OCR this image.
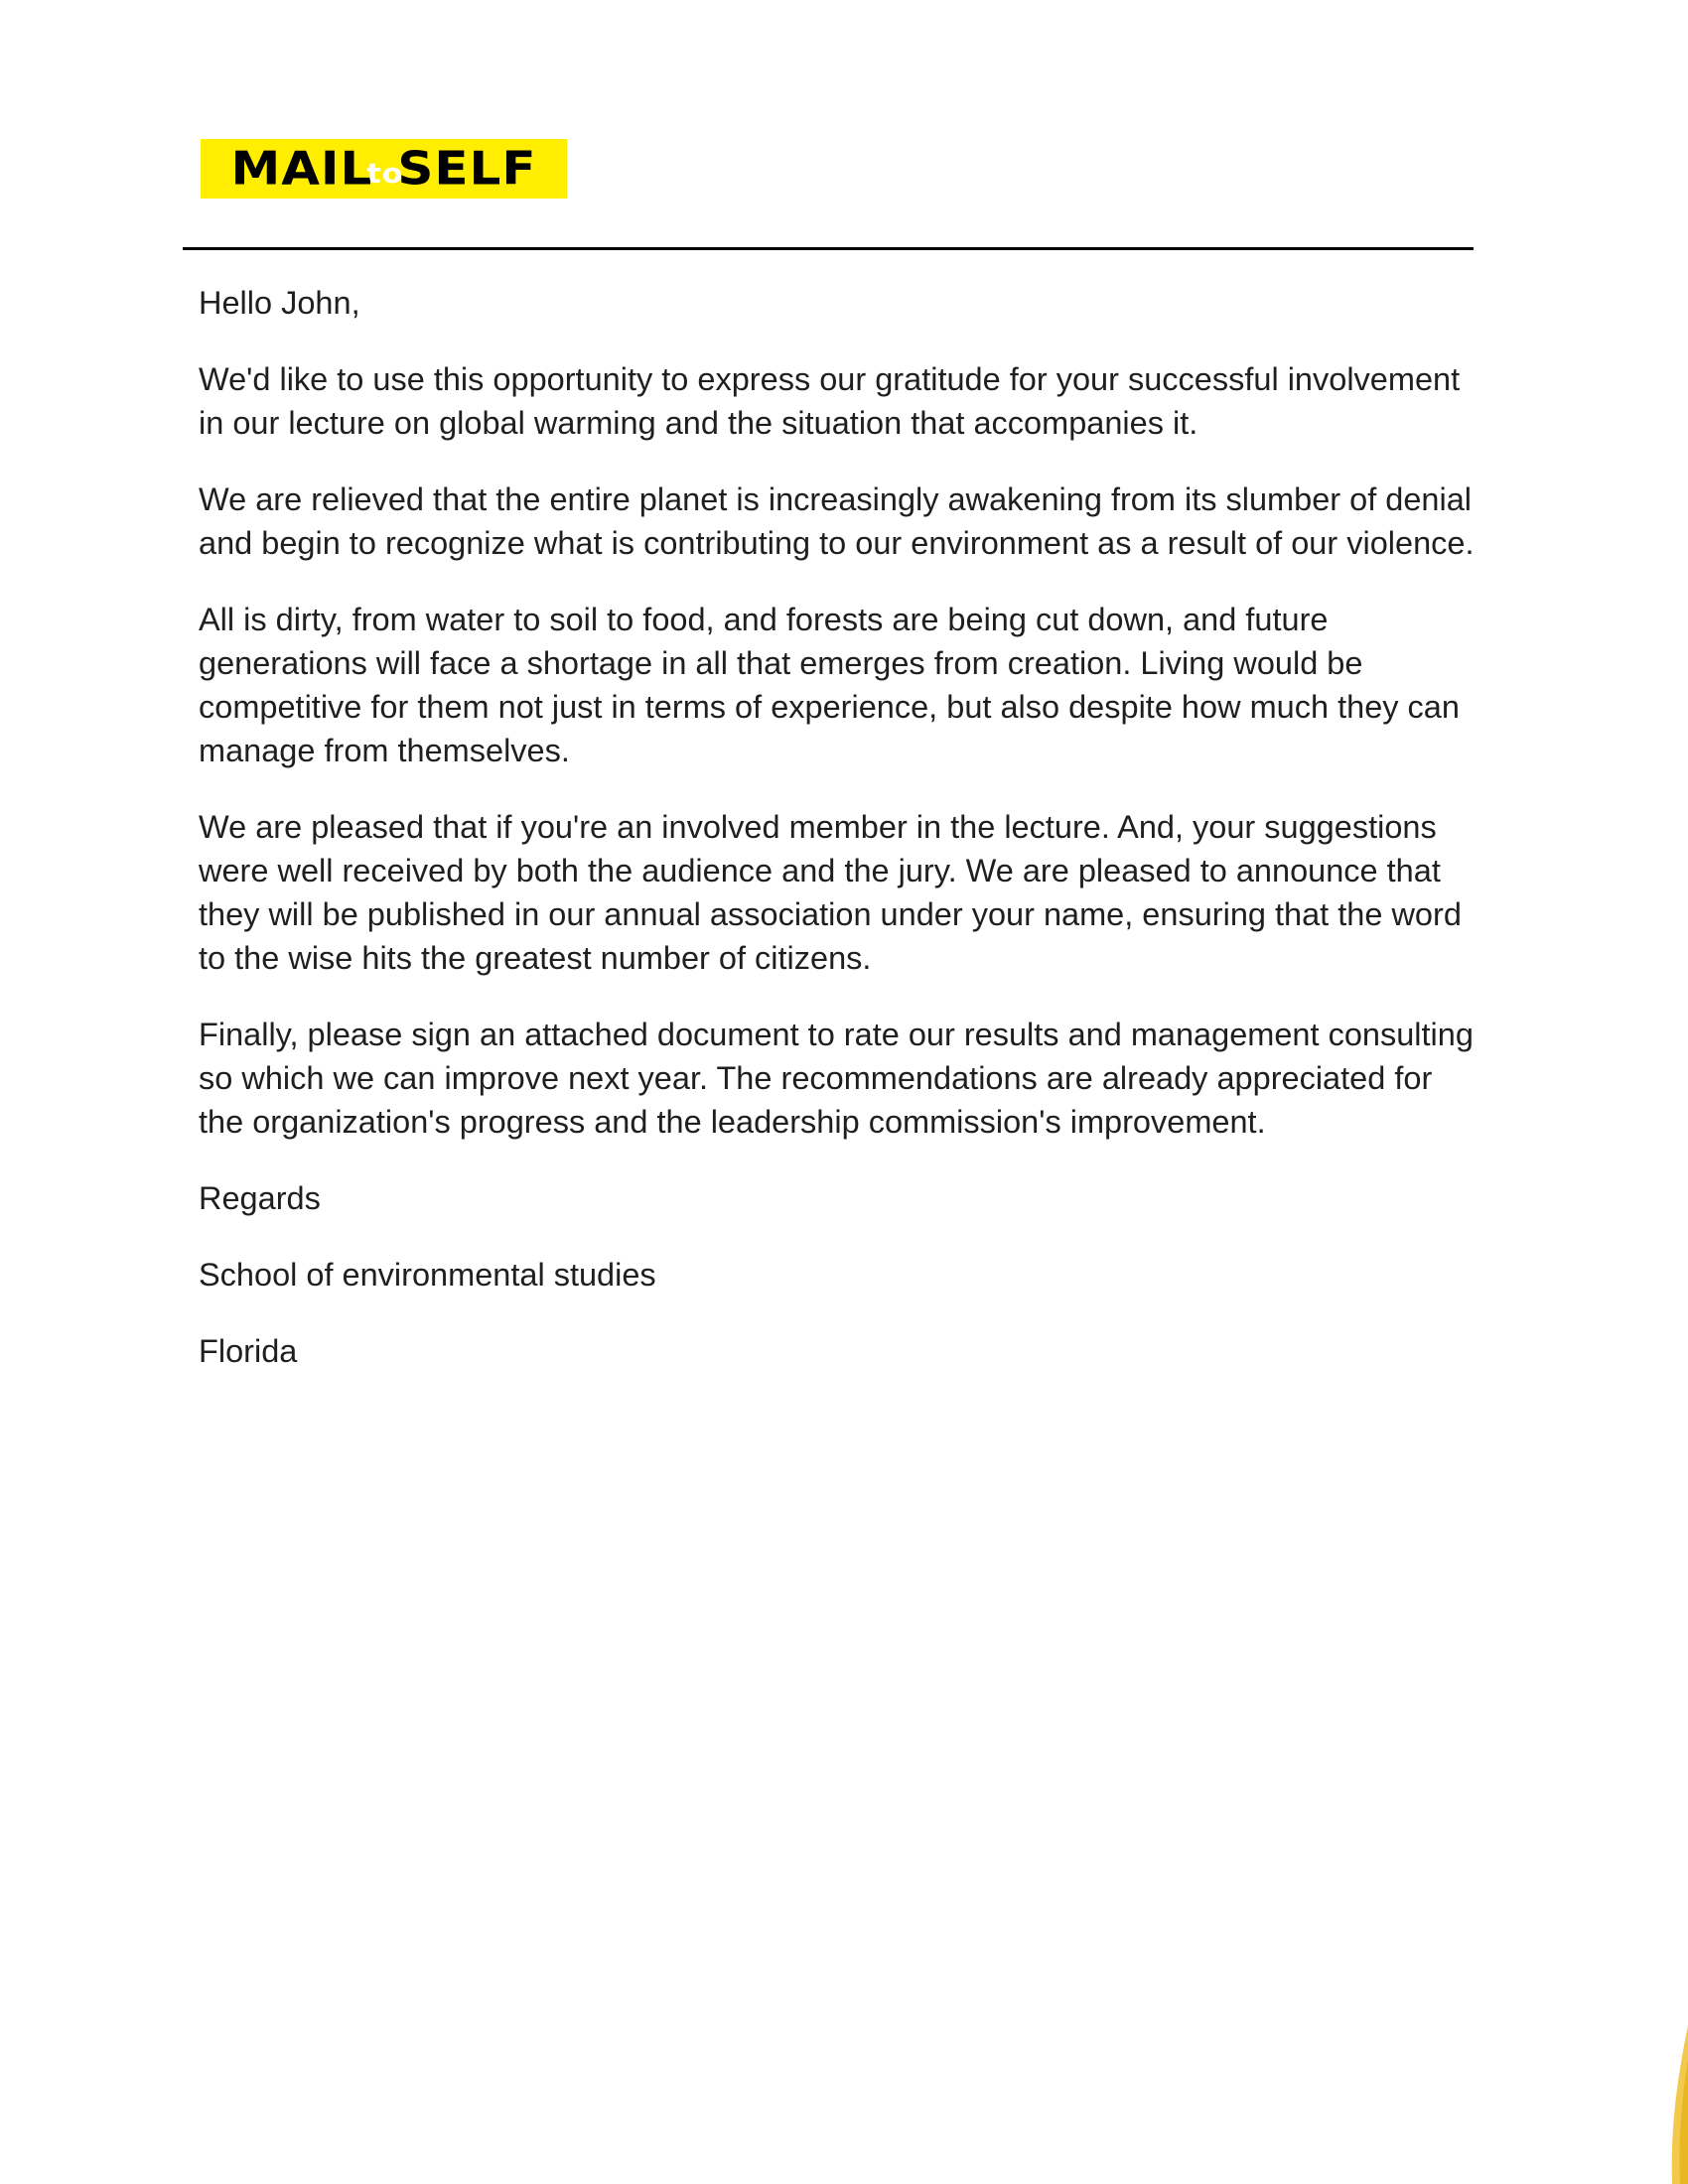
MAILtoSELF

Hello John,

We'd like to use this opportunity to express our gratitude for your successful involvement in our lecture on global warming and the situation that accompanies it.

We are relieved that the entire planet is increasingly awakening from its slumber of denial and begin to recognize what is contributing to our environment as a result of our violence.

All is dirty, from water to soil to food, and forests are being cut down, and future generations will face a shortage in all that emerges from creation. Living would be competitive for them not just in terms of experience, but also despite how much they can manage from themselves.

We are pleased that if you're an involved member in the lecture. And, your suggestions were well received by both the audience and the jury. We are pleased to announce that they will be published in our annual association under your name, ensuring that the word to the wise hits the greatest number of citizens.

Finally, please sign an attached document to rate our results and management consulting so which we can improve next year. The recommendations are already appreciated for the organization's progress and the leadership commission's improvement.

Regards

School of environmental studies

Florida
